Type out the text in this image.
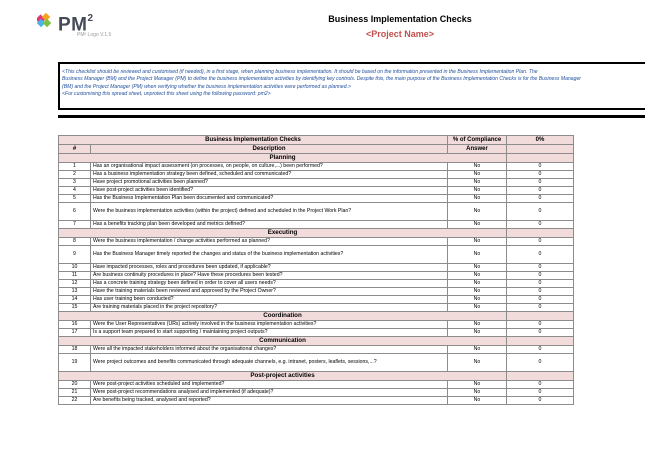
$PM^2$
PM² Logo V.1.5
Business Implementation Checks
<Project Name>
<This checklist should be reviewed and customised (if needed), in a first stage, when planning business implementation. It should be based on the information presented in the Business Implementation Plan. The
Business Manager (BM) and the Project Manager (PM) to define the business implementation activities by identifying key controls. Despite this, the main purpose of the Business Implementation Checks is for the Business Manager
(BM) and the Project Manager (PM) when verifying whether the business implementation activities were performed as planned.>
<For customising this spread sheet, unprotect this sheet using the following password: pm2>
Business Implementation Checks		% of Compliance	0%
#	Description	Answer	
Planning			
1	Has an organisational impact assessment (on processes, on people, on culture,...) been performed?	No	0
2	Has a business implementation strategy been defined, scheduled and communicated?	No	0
3	Have project promotional activities been planned?	No	0
4	Have post-project activities been identified?	No	0
5	Has the Business Implementation Plan been documented and communicated?	No	0
6	Were the business implementation activities (within the project) defined and scheduled in the Project Work Plan?	No	0
7	Has a benefits tracking plan been developed and metrics defined?	No	0
Executing			
8	Were the business implementation / change activities performed as planned?	No	0
9	Has the Business Manager timely reported the changes and status of the business implementation activities?	No	0
10	Have impacted processes, roles and procedures been updated, if applicable?	No	0
11	Are business continuity procedures in place? Have these procedures been tested?	No	0
12	Has a concrete training strategy been defined in order to cover all users needs?	No	0
13	Have the training materials been reviewed and approved by the Project Owner?	No	0
14	Has user training been conducted?	No	0
15	Are training materials placed in the project repository?	No	0
Coordination			
16	Were the User Representatives (URs) actively involved in the business implementation activities?	No	0
17	Is a support team prepared to start supporting / maintaining project outputs?	No	0
Communication			
18	Were all the impacted stakeholders informed about the organisational changes?	No	0
19	Were project outcomes and benefits communicated through adequate channels, e.g. intranet, posters, leaflets, sessions,...?	No	0
Post-project activities			
20	Were post-project activities scheduled and implemented?	No	0
21	Were post-project recommendations analysed and implemented (if adequate)?	No	0
22	Are benefits being tracked, analysed and reported?	No	0
